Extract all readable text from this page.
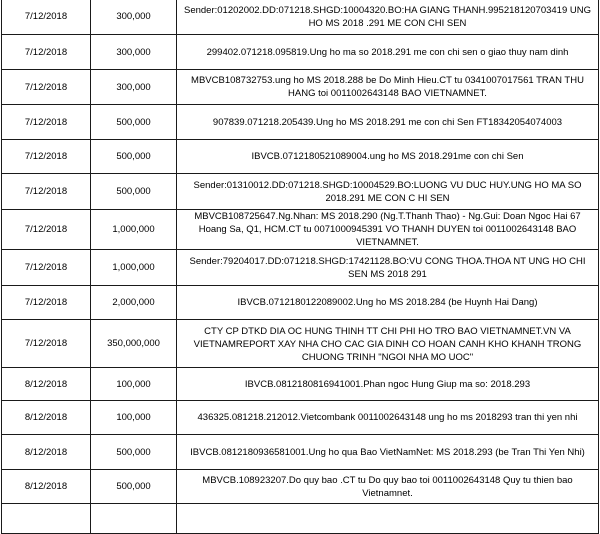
7/12/2018	300,000	Sender:01202002.DD:071218.SHGD:10004320.BO:HA GIANG THANH.995218120703419 UNG HO MS 2018 .291 ME CON CHI SEN
7/12/2018	300,000	299402.071218.095819.Ung ho ma so 2018.291 me con chi sen o giao thuy nam dinh
7/12/2018	300,000	MBVCB108732753.ung ho MS 2018.288 be Do Minh Hieu.CT tu 0341007017561 TRAN THU HANG toi 0011002643148 BAO VIETNAMNET.
7/12/2018	500,000	907839.071218.205439.Ung ho MS 2018.291 me con chi Sen FT18342054074003
7/12/2018	500,000	IBVCB.0712180521089004.ung ho MS 2018.291me con chi Sen
7/12/2018	500,000	Sender:01310012.DD:071218.SHGD:10004529.BO:LUONG VU DUC HUY.UNG HO MA SO 2018.291 ME CON C HI SEN
7/12/2018	1,000,000	MBVCB108725647.Ng.Nhan: MS 2018.290 (Ng.T.Thanh Thao) - Ng.Gui: Doan Ngoc Hai 67 Hoang Sa, Q1, HCM.CT tu 0071000945391 VO THANH DUYEN toi 0011002643148 BAO VIETNAMNET.
7/12/2018	1,000,000	Sender:79204017.DD:071218.SHGD:17421128.BO:VU CONG THOA.THOA NT UNG HO CHI SEN MS 2018 291
7/12/2018	2,000,000	IBVCB.0712180122089002.Ung ho MS 2018.284 (be Huynh Hai Dang)
7/12/2018	350,000,000	CTY CP DTKD DIA OC HUNG THINH TT CHI PHI HO TRO BAO VIETNAMNET.VN VA VIETNAMREPORT XAY NHA CHO CAC GIA DINH CO HOAN CANH KHO KHANH TRONG CHUONG TRINH "NGOI NHA MO UOC"

8/12/2018	100,000	IBVCB.0812180816941001.Phan ngoc Hung Giup ma so: 2018.293
8/12/2018	100,000	436325.081218.212012.Vietcombank 0011002643148 ung ho ms 2018293 tran thi yen nhi
8/12/2018	500,000	IBVCB.0812180936581001.Ung ho qua Bao VietNamNet: MS 2018.293 (be Tran Thi Yen Nhi)
8/12/2018	500,000	MBVCB.108923207.Do quy bao .CT tu Do quy bao toi 0011002643148 Quy tu thien bao Vietnamnet.
